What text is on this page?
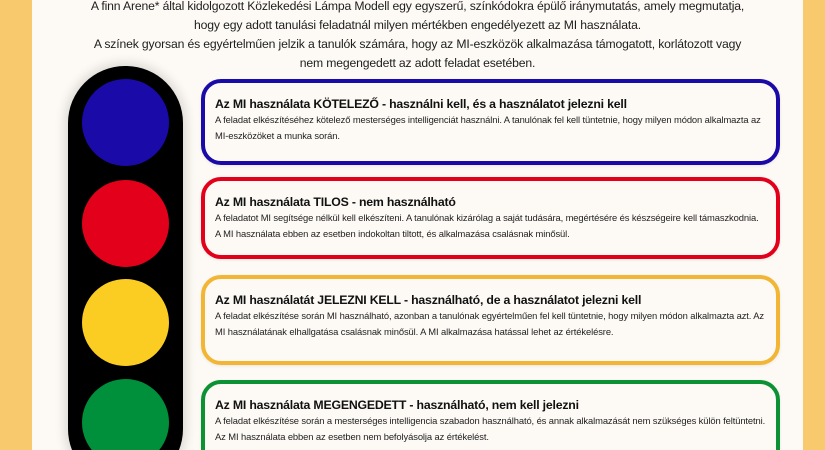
A finn Arene* által kidolgozott Közlekedési Lámpa Modell egy egyszerű, színkódokra épülő iránymutatás, amely megmutatja,

hogy egy adott tanulási feladatnál milyen mértékben engedélyezett az MI használata.

A színek gyorsan és egyértelműen jelzik a tanulók számára, hogy az MI-eszközök alkalmazása támogatott, korlátozott vagy

nem megengedett az adott feladat esetében.

Az MI használata KÖTELEZŐ - használni kell, és a használatot jelezni kell
A feladat elkészítéséhez kötelező mesterséges intelligenciát használni. A tanulónak fel kell tüntetnie, hogy milyen módon alkalmazta az MI-eszközöket a munka során.
Az MI használata TILOS - nem használható
A feladatot MI segítsége nélkül kell elkészíteni. A tanulónak kizárólag a saját tudására, megértésére és készségeire kell támaszkodnia. A MI használata ebben az esetben indokoltan tiltott, és alkalmazása csalásnak minősül.
Az MI használatát JELEZNI KELL - használható, de a használatot jelezni kell
A feladat elkészítése során MI használható, azonban a tanulónak egyértelműen fel kell tüntetnie, hogy milyen módon alkalmazta azt. Az MI használatának elhallgatása csalásnak minősül. A MI alkalmazása hatással lehet az értékelésre.
Az MI használata MEGENGEDETT - használható, nem kell jelezni
A feladat elkészítése során a mesterséges intelligencia szabadon használható, és annak alkalmazását nem szükséges külön feltüntetni. Az MI használata ebben az esetben nem befolyásolja az értékelést.
